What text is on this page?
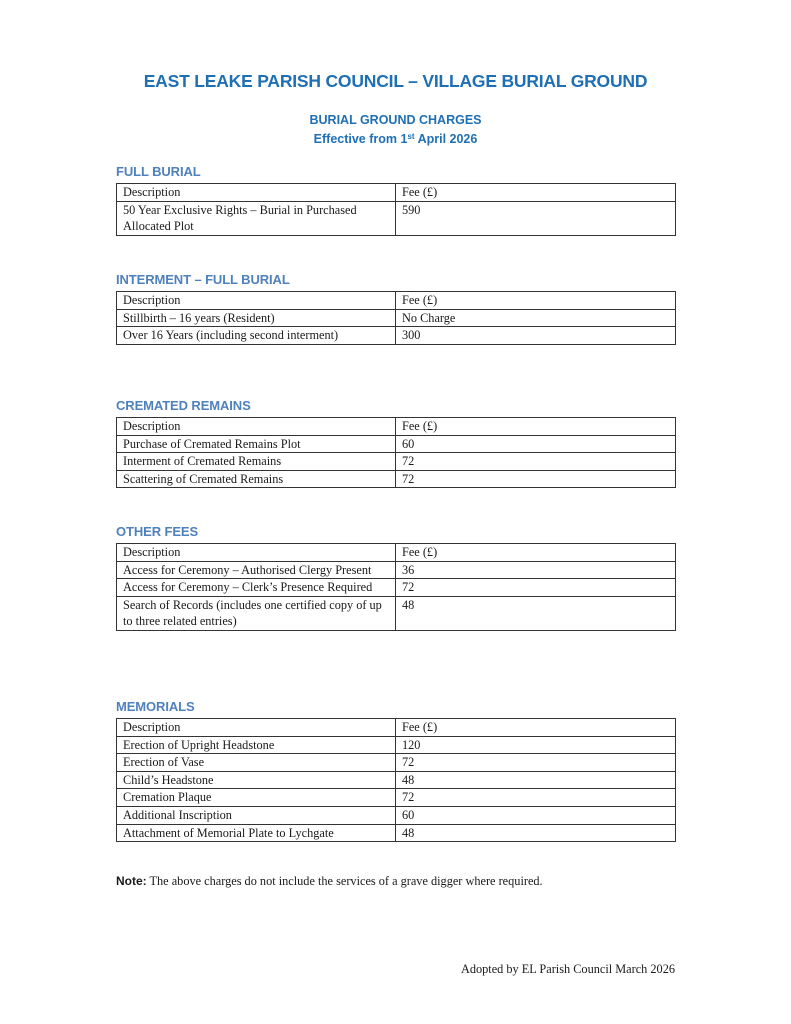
EAST LEAKE PARISH COUNCIL – VILLAGE BURIAL GROUND
BURIAL GROUND CHARGES
Effective from 1st April 2026
FULL BURIAL
Description	Fee (£)
50 Year Exclusive Rights – Burial in Purchased Allocated Plot	590
INTERMENT – FULL BURIAL
Description	Fee (£)
Stillbirth – 16 years (Resident)	No Charge
Over 16 Years (including second interment)	300
CREMATED REMAINS
Description	Fee (£)
Purchase of Cremated Remains Plot	60
Interment of Cremated Remains	72
Scattering of Cremated Remains	72
OTHER FEES
Description	Fee (£)
Access for Ceremony – Authorised Clergy Present	36
Access for Ceremony – Clerk’s Presence Required	72
Search of Records (includes one certified copy of up to three related entries)	48
MEMORIALS
Description	Fee (£)
Erection of Upright Headstone	120
Erection of Vase	72
Child’s Headstone	48
Cremation Plaque	72
Additional Inscription	60
Attachment of Memorial Plate to Lychgate	48
Note: The above charges do not include the services of a grave digger where required.
Adopted by EL Parish Council March 2026
